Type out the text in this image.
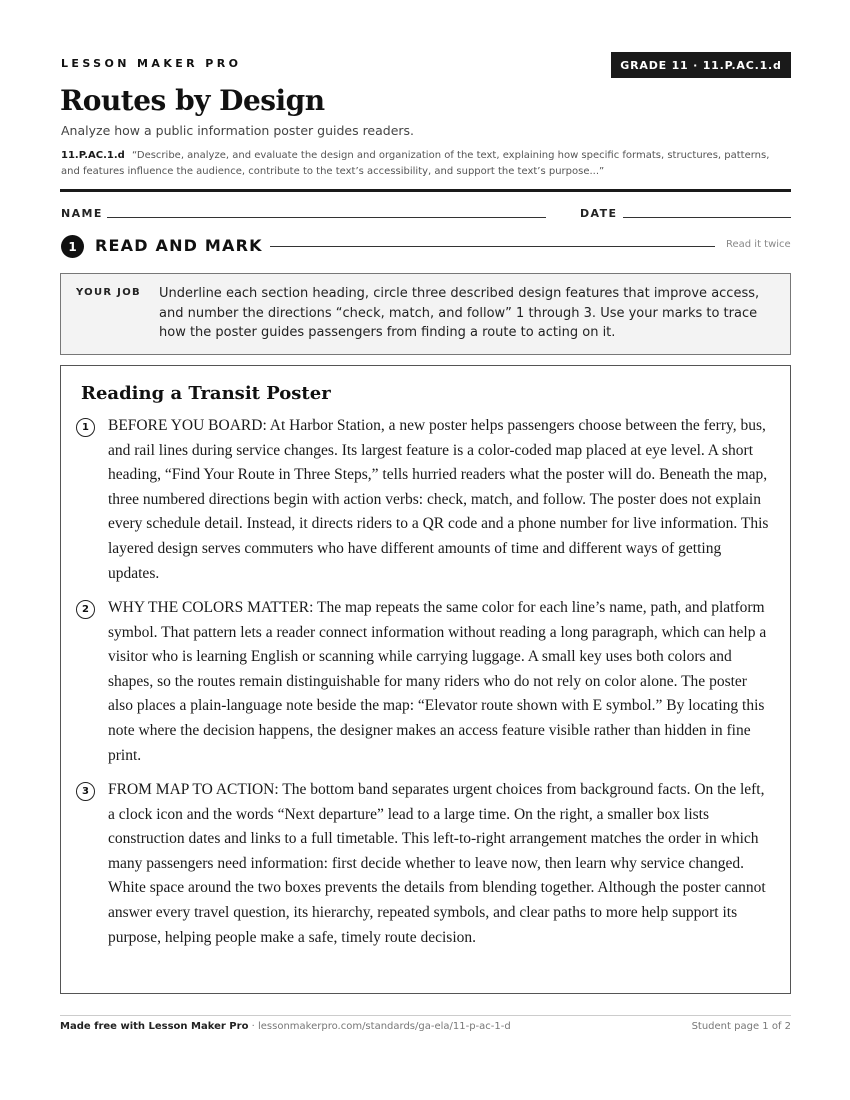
LESSON MAKER PRO	GRADE 11 · 11.P.AC.1.d
Routes by Design
Analyze how a public information poster guides readers.
11.P.AC.1.d “Describe, analyze, and evaluate the design and organization of the text, explaining how specific formats, structures, patterns, and features influence the audience, contribute to the text’s accessibility, and support the text’s purpose...”
NAME	DATE
1	READ AND MARK	Read it twice
YOUR JOB Underline each section heading, circle three described design features that improve access, and number the directions “check, match, and follow” 1 through 3. Use your marks to trace how the poster guides passengers from finding a route to acting on it.
Reading a Transit Poster
1	BEFORE YOU BOARD: At Harbor Station, a new poster helps passengers choose between the ferry, bus, and rail lines during service changes. Its largest feature is a color-coded map placed at eye level. A short heading, “Find Your Route in Three Steps,” tells hurried readers what the poster will do. Beneath the map, three numbered directions begin with action verbs: check, match, and follow. The poster does not explain every schedule detail. Instead, it directs riders to a QR code and a phone number for live information. This layered design serves commuters who have different amounts of time and different ways of getting updates.
2	WHY THE COLORS MATTER: The map repeats the same color for each line’s name, path, and platform symbol. That pattern lets a reader connect information without reading a long paragraph, which can help a visitor who is learning English or scanning while carrying luggage. A small key uses both colors and shapes, so the routes remain distinguishable for many riders who do not rely on color alone. The poster also places a plain-language note beside the map: “Elevator route shown with E symbol.” By locating this note where the decision happens, the designer makes an access feature visible rather than hidden in fine print.
3	FROM MAP TO ACTION: The bottom band separates urgent choices from background facts. On the left, a clock icon and the words “Next departure” lead to a large time. On the right, a smaller box lists construction dates and links to a full timetable. This left-to-right arrangement matches the order in which many passengers need information: first decide whether to leave now, then learn why service changed. White space around the two boxes prevents the details from blending together. Although the poster cannot answer every travel question, its hierarchy, repeated symbols, and clear paths to more help support its purpose, helping people make a safe, timely route decision.
Made free with Lesson Maker Pro · lessonmakerpro.com/standards/ga-ela/11-p-ac-1-d	Student page 1 of 2
